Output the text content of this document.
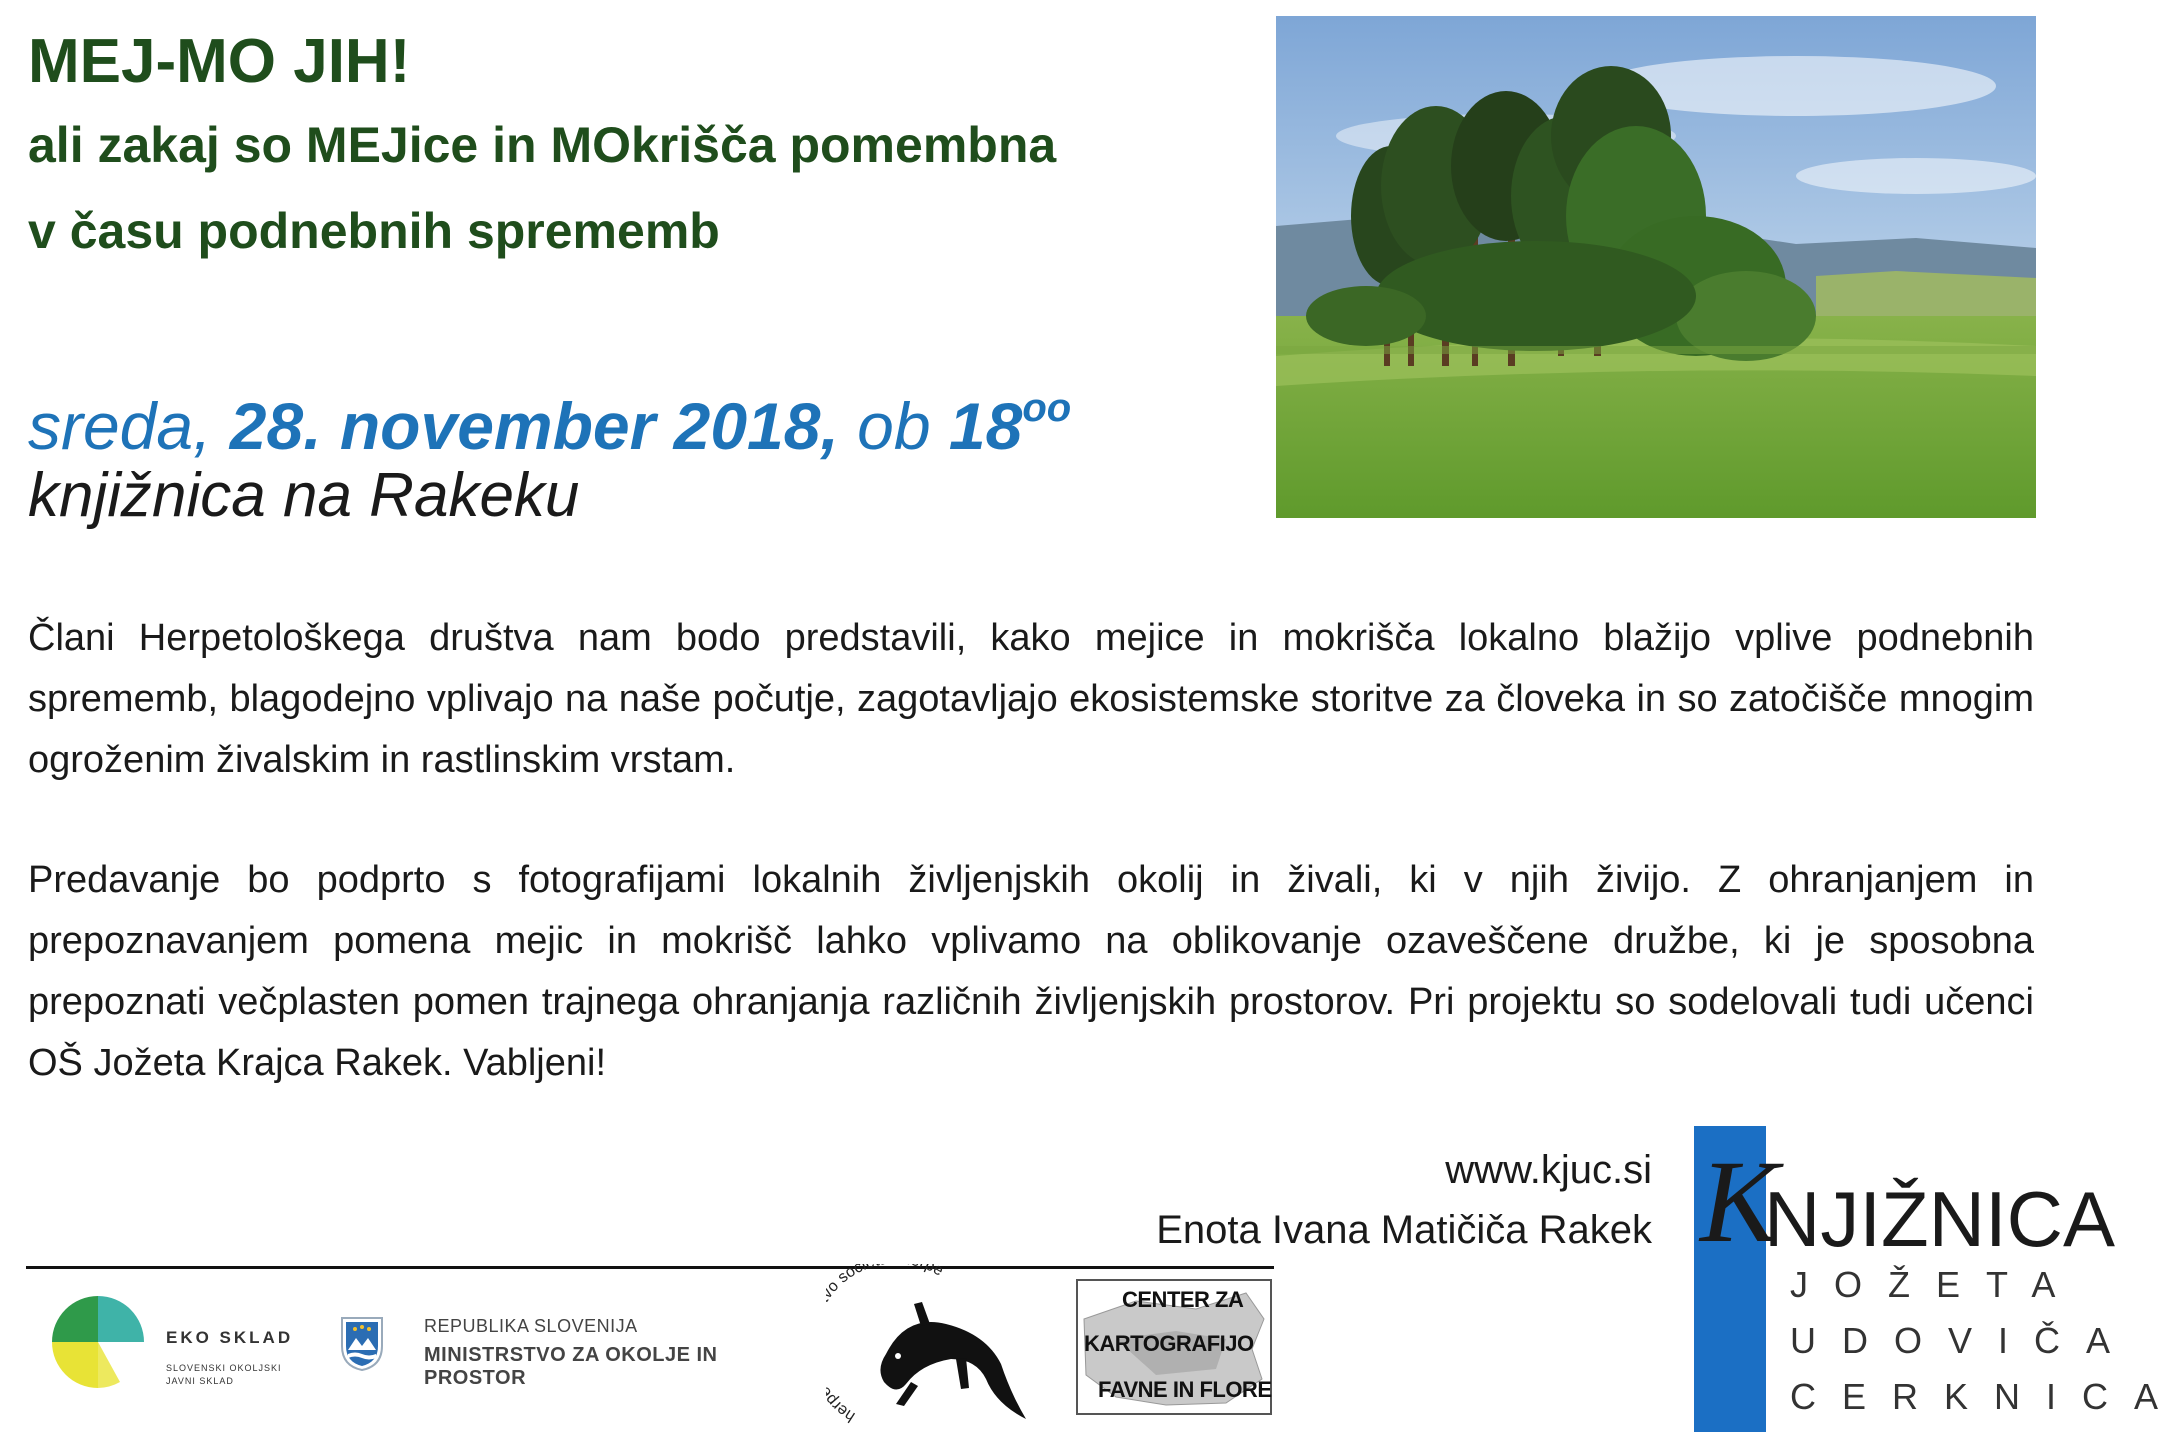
MEJ-MO JIH!
ali zakaj so MEJice in MOkrišča pomembna
v času podnebnih sprememb
sreda, 28. november 2018, ob $18^{oo}$
knjižnica na Rakeku

Člani Herpetološkega društva nam bodo predstavili, kako mejice in mokrišča lokalno blažijo vplive podnebnih sprememb, blagodejno vplivajo na naše počutje, zagotavljajo ekosistemske storitve za človeka in so zatočišče mnogim ogroženim živalskim in rastlinskim vrstam.

Predavanje bo podprto s fotografijami lokalnih življenjskih okolij in živali, ki v njih živijo. Z ohranjanjem in prepoznavanjem pomena mejic in mokrišč lahko vplivamo na oblikovanje ozaveščene družbe, ki je sposobna prepoznati večplasten pomen trajnega ohranjanja različnih življenjskih prostorov. Pri projektu so sodelovali tudi učenci OŠ Jožeta Krajca Rakek. Vabljeni!

www.kjuc.si
Enota Ivana Matičiča Rakek
EKO SKLAD
SLOVENSKI OKOLJSKI
JAVNI SKLAD
REPUBLIKA SLOVENIJA
MINISTRSTVO ZA OKOLJE IN PROSTOR
her soci pe
CENTER ZA
KARTOGRAFIJO
FAVNE IN FLORE
K
NJIŽNICA
JOŽETA
UDOVIČA
CERKNICA
